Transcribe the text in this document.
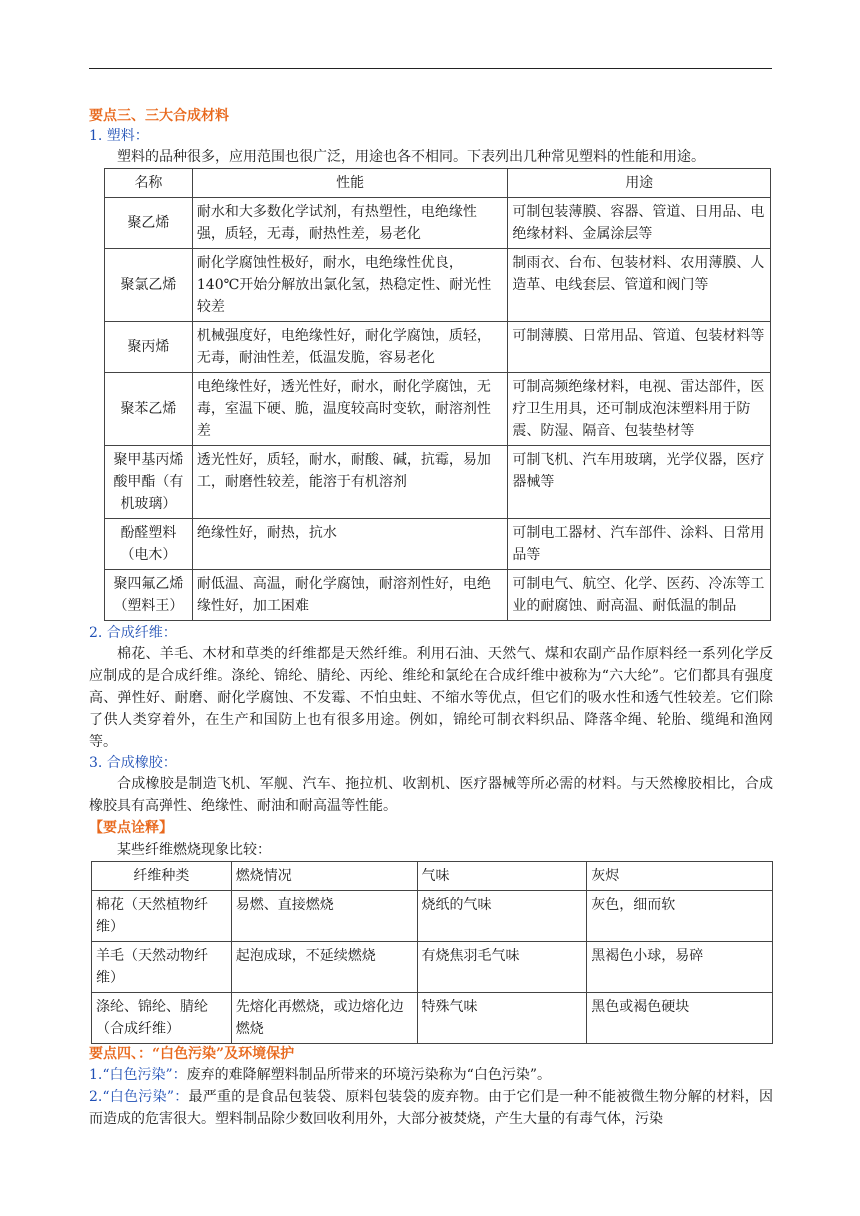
要点三、三大合成材料
1. 塑料：

塑料的品种很多，应用范围也很广泛，用途也各不相同。下表列出几种常见塑料的性能和用途。

名称	性能	用途
聚乙烯	耐水和大多数化学试剂，有热塑性，电绝缘性强，质轻，无毒，耐热性差，易老化	可制包装薄膜、容器、管道、日用品、电绝缘材料、金属涂层等
聚氯乙烯	耐化学腐蚀性极好，耐水，电绝缘性优良，140℃开始分解放出氯化氢，热稳定性、耐光性较差	制雨衣、台布、包装材料、农用薄膜、人造革、电线套层、管道和阀门等
聚丙烯	机械强度好，电绝缘性好，耐化学腐蚀，质轻，无毒，耐油性差，低温发脆，容易老化	可制薄膜、日常用品、管道、包装材料等
聚苯乙烯	电绝缘性好，透光性好，耐水，耐化学腐蚀，无毒，室温下硬、脆，温度较高时变软，耐溶剂性差	可制高频绝缘材料，电视、雷达部件，医疗卫生用具，还可制成泡沫塑料用于防震、防湿、隔音、包装垫材等
聚甲基丙烯酸甲酯（有机玻璃）	透光性好，质轻，耐水，耐酸、碱，抗霉，易加工，耐磨性较差，能溶于有机溶剂	可制飞机、汽车用玻璃，光学仪器，医疗器械等
酚醛塑料（电木）	绝缘性好，耐热，抗水	可制电工器材、汽车部件、涂料、日常用品等
聚四氟乙烯（塑料王）	耐低温、高温，耐化学腐蚀，耐溶剂性好，电绝缘性好，加工困难	可制电气、航空、化学、医药、冷冻等工业的耐腐蚀、耐高温、耐低温的制品
2. 合成纤维：

棉花、羊毛、木材和草类的纤维都是天然纤维。利用石油、天然气、煤和农副产品作原料经一系列化学反应制成的是合成纤维。涤纶、锦纶、腈纶、丙纶、维纶和氯纶在合成纤维中被称为“六大纶”。它们都具有强度高、弹性好、耐磨、耐化学腐蚀、不发霉、不怕虫蛀、不缩水等优点，但它们的吸水性和透气性较差。它们除了供人类穿着外，在生产和国防上也有很多用途。例如，锦纶可制衣料织品、降落伞绳、轮胎、缆绳和渔网等。

3. 合成橡胶：

合成橡胶是制造飞机、军舰、汽车、拖拉机、收割机、医疗器械等所必需的材料。与天然橡胶相比，合成橡胶具有高弹性、绝缘性、耐油和耐高温等性能。

【要点诠释】

某些纤维燃烧现象比较：

纤维种类	燃烧情况	气味	灰烬
棉花（天然植物纤维）	易燃、直接燃烧	烧纸的气味	灰色，细而软
羊毛（天然动物纤维）	起泡成球，不延续燃烧	有烧焦羽毛气味	黑褐色小球，易碎
涤纶、锦纶、腈纶（合成纤维）	先熔化再燃烧，或边熔化边燃烧	特殊气味	黑色或褐色硬块
要点四、：“白色污染”及环境保护

1.“白色污染”：废弃的难降解塑料制品所带来的环境污染称为“白色污染”。

2.“白色污染”：最严重的是食品包装袋、原料包装袋的废弃物。由于它们是一种不能被微生物分解的材料，因而造成的危害很大。塑料制品除少数回收利用外，大部分被焚烧，产生大量的有毒气体，污染
